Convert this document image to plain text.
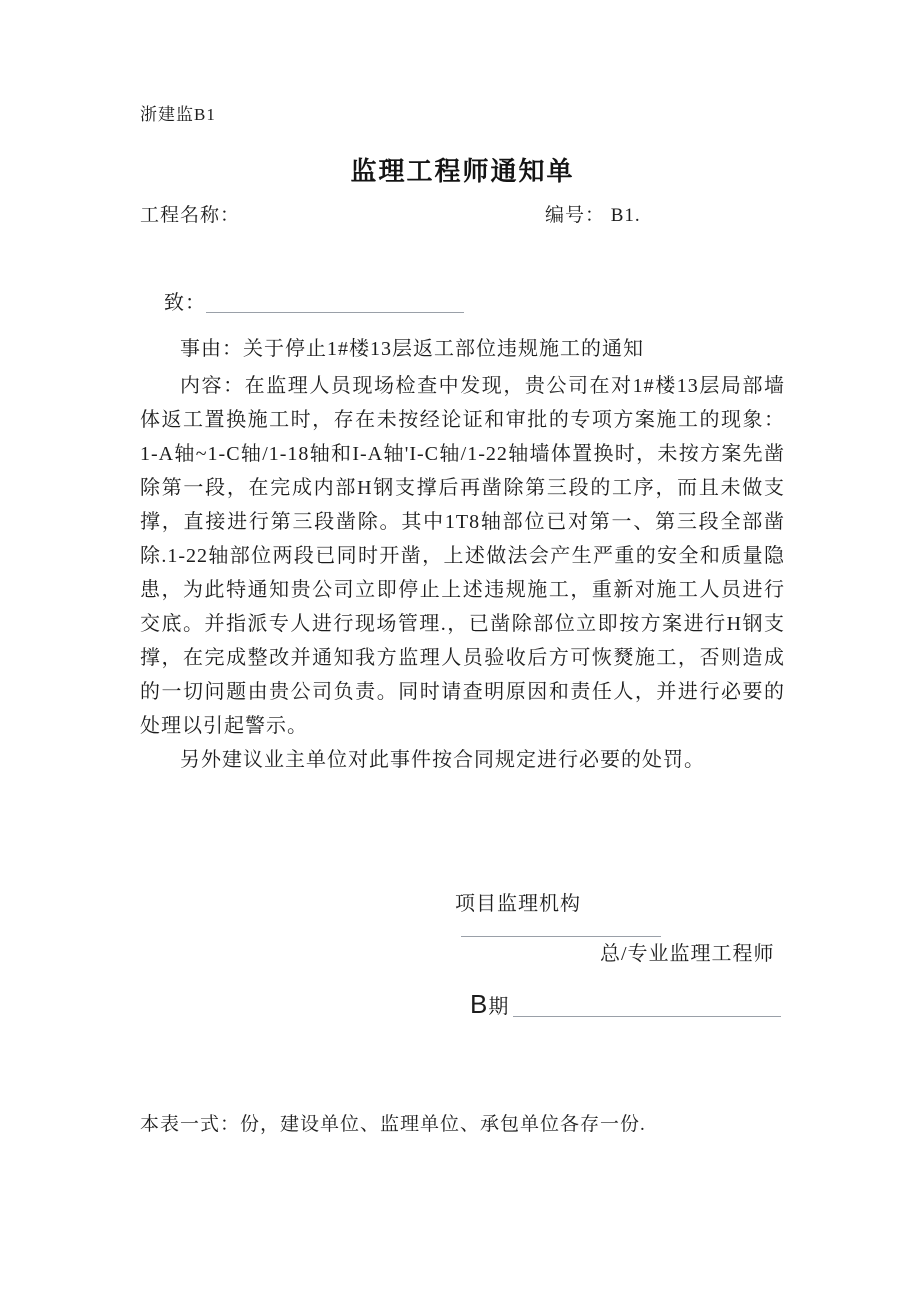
浙建监B1
监理工程师通知单
工程名称：	编号： B1.
致：
事由：关于停止1#楼13层返工部位违规施工的通知
内容：在监理人员现场检查中发现，贵公司在对1#楼13层局部墙体返工置换施工时，存在未按经论证和审批的专项方案施工的现象：1-A轴~1-C轴/1-18轴和I-A轴'I-C轴/1-22轴墙体置换时，未按方案先凿除第一段，在完成内部H钢支撑后再凿除第三段的工序，而且未做支撑，直接进行第三段凿除。其中1T8轴部位已对第一、第三段全部凿除.1-22轴部位两段已同时开凿，上述做法会产生严重的安全和质量隐患，为此特通知贵公司立即停止上述违规施工，重新对施工人员进行交底。并指派专人进行现场管理.，已凿除部位立即按方案进行H钢支撑，在完成整改并通知我方监理人员验收后方可恢燹施工，否则造成的一切问题由贵公司负责。同时请查明原因和责任人，并进行必要的处理以引起警示。
另外建议业主单位对此事件按合同规定进行必要的处罚。
项目监理机构
总/专业监理工程师
B期
本表一式：份，建设单位、监理单位、承包单位各存一份.
